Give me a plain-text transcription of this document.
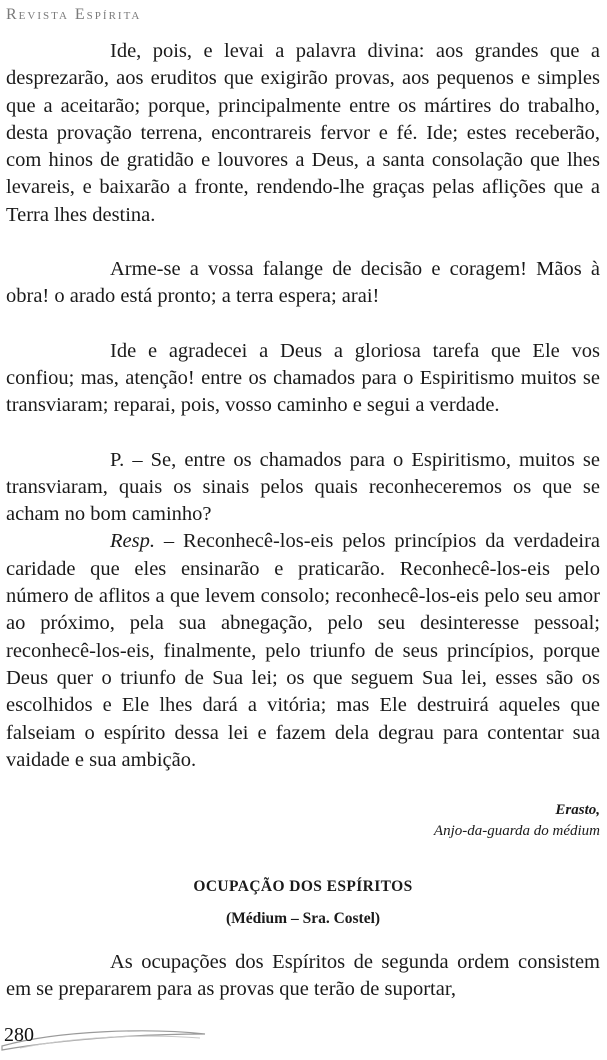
Revista Espírita

Ide, pois, e levai a palavra divina: aos grandes que a desprezarão, aos eruditos que exigirão provas, aos pequenos e simples que a aceitarão; porque, principalmente entre os mártires do trabalho, desta provação terrena, encontrareis fervor e fé. Ide; estes receberão, com hinos de gratidão e louvores a Deus, a santa consolação que lhes levareis, e baixarão a fronte, rendendo-lhe graças pelas aflições que a Terra lhes destina.

Arme-se a vossa falange de decisão e coragem! Mãos à obra! o arado está pronto; a terra espera; arai!

Ide e agradecei a Deus a gloriosa tarefa que Ele vos confiou; mas, atenção! entre os chamados para o Espiritismo muitos se transviaram; reparai, pois, vosso caminho e segui a verdade.

P. – Se, entre os chamados para o Espiritismo, muitos se transviaram, quais os sinais pelos quais reconheceremos os que se acham no bom caminho?

Resp. – Reconhecê-los-eis pelos princípios da verdadeira caridade que eles ensinarão e praticarão. Reconhecê-los-eis pelo número de aflitos a que levem consolo; reconhecê-los-eis pelo seu amor ao próximo, pela sua abnegação, pelo seu desinteresse pessoal; reconhecê-los-eis, finalmente, pelo triunfo de seus princípios, porque Deus quer o triunfo de Sua lei; os que seguem Sua lei, esses são os escolhidos e Ele lhes dará a vitória; mas Ele destruirá aqueles que falseiam o espírito dessa lei e fazem dela degrau para contentar sua vaidade e sua ambição.

Erasto,
Anjo-da-guarda do médium
OCUPAÇÃO DOS ESPÍRITOS
(Médium – Sra. Costel)

As ocupações dos Espíritos de segunda ordem consistem em se prepararem para as provas que terão de suportar,

280
